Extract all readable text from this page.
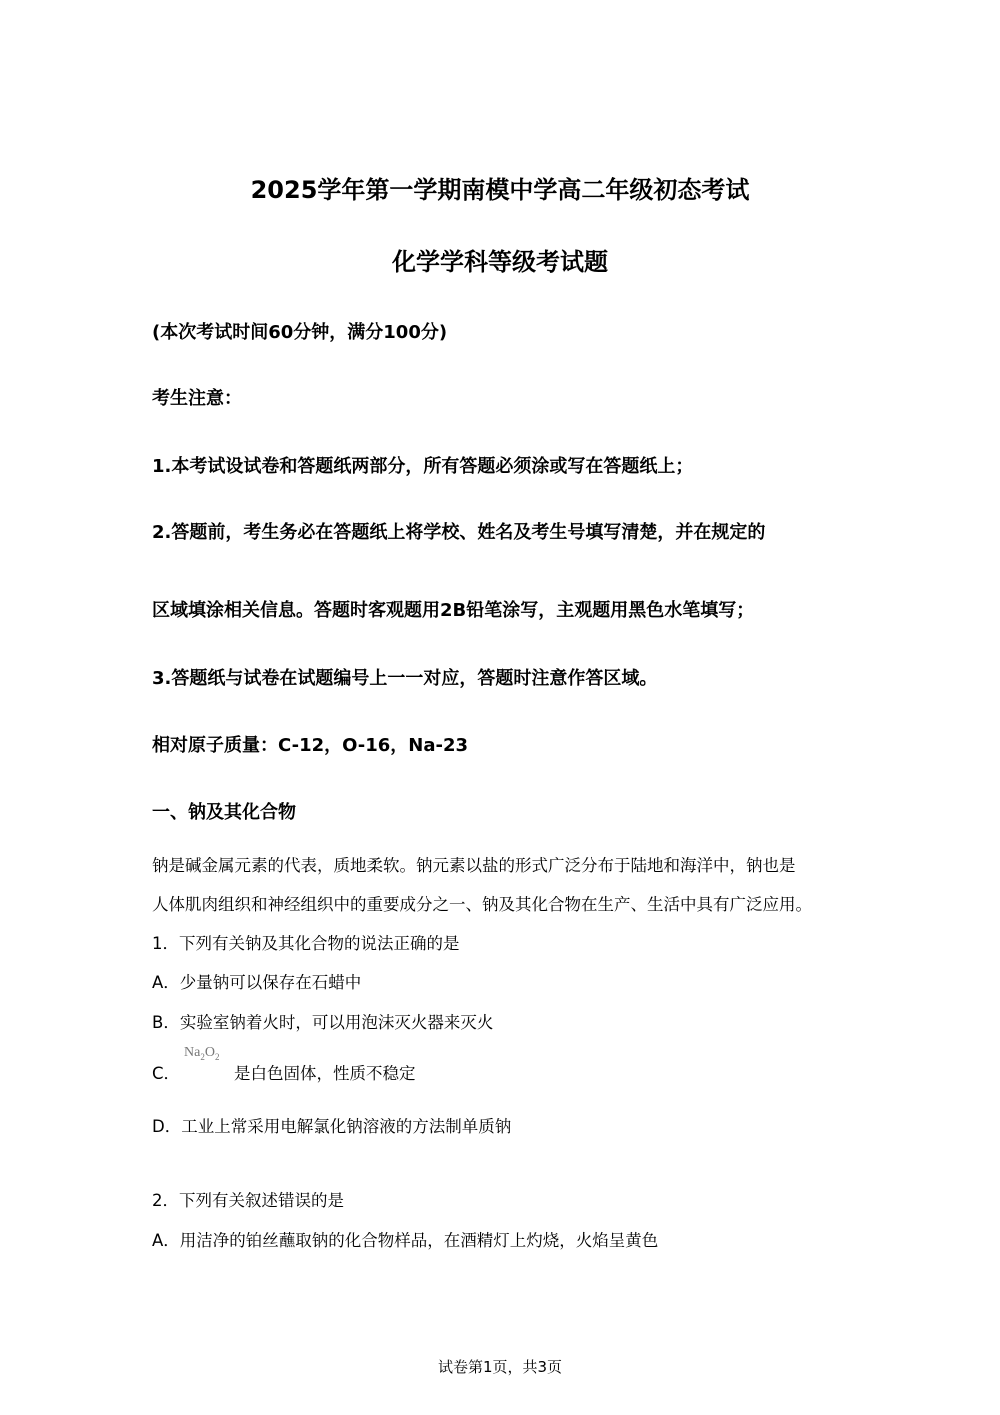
2025学年第一学期南模中学高二年级初态考试
化学学科等级考试题
(本次考试时间60分钟，满分100分)
考生注意：
1.本考试设试卷和答题纸两部分，所有答题必须涂或写在答题纸上；
2.答题前，考生务必在答题纸上将学校、姓名及考生号填写清楚，并在规定的
区域填涂相关信息。答题时客观题用2B铅笔涂写，主观题用黑色水笔填写；
3.答题纸与试卷在试题编号上一一对应，答题时注意作答区域。
相对原子质量：C-12，O-16，Na-23
一、钠及其化合物
钠是碱金属元素的代表，质地柔软。钠元素以盐的形式广泛分布于陆地和海洋中，钠也是
人体肌肉组织和神经组织中的重要成分之一、钠及其化合物在生产、生活中具有广泛应用。
1．下列有关钠及其化合物的说法正确的是
A．少量钠可以保存在石蜡中
B．实验室钠着火时，可以用泡沫灭火器来灭火
C．
$Na_2O_2$
是白色固体，性质不稳定
D．工业上常采用电解氯化钠溶液的方法制单质钠
2．下列有关叙述错误的是
A．用洁净的铂丝蘸取钠的化合物样品，在酒精灯上灼烧，火焰呈黄色
试卷第1页，共3页
